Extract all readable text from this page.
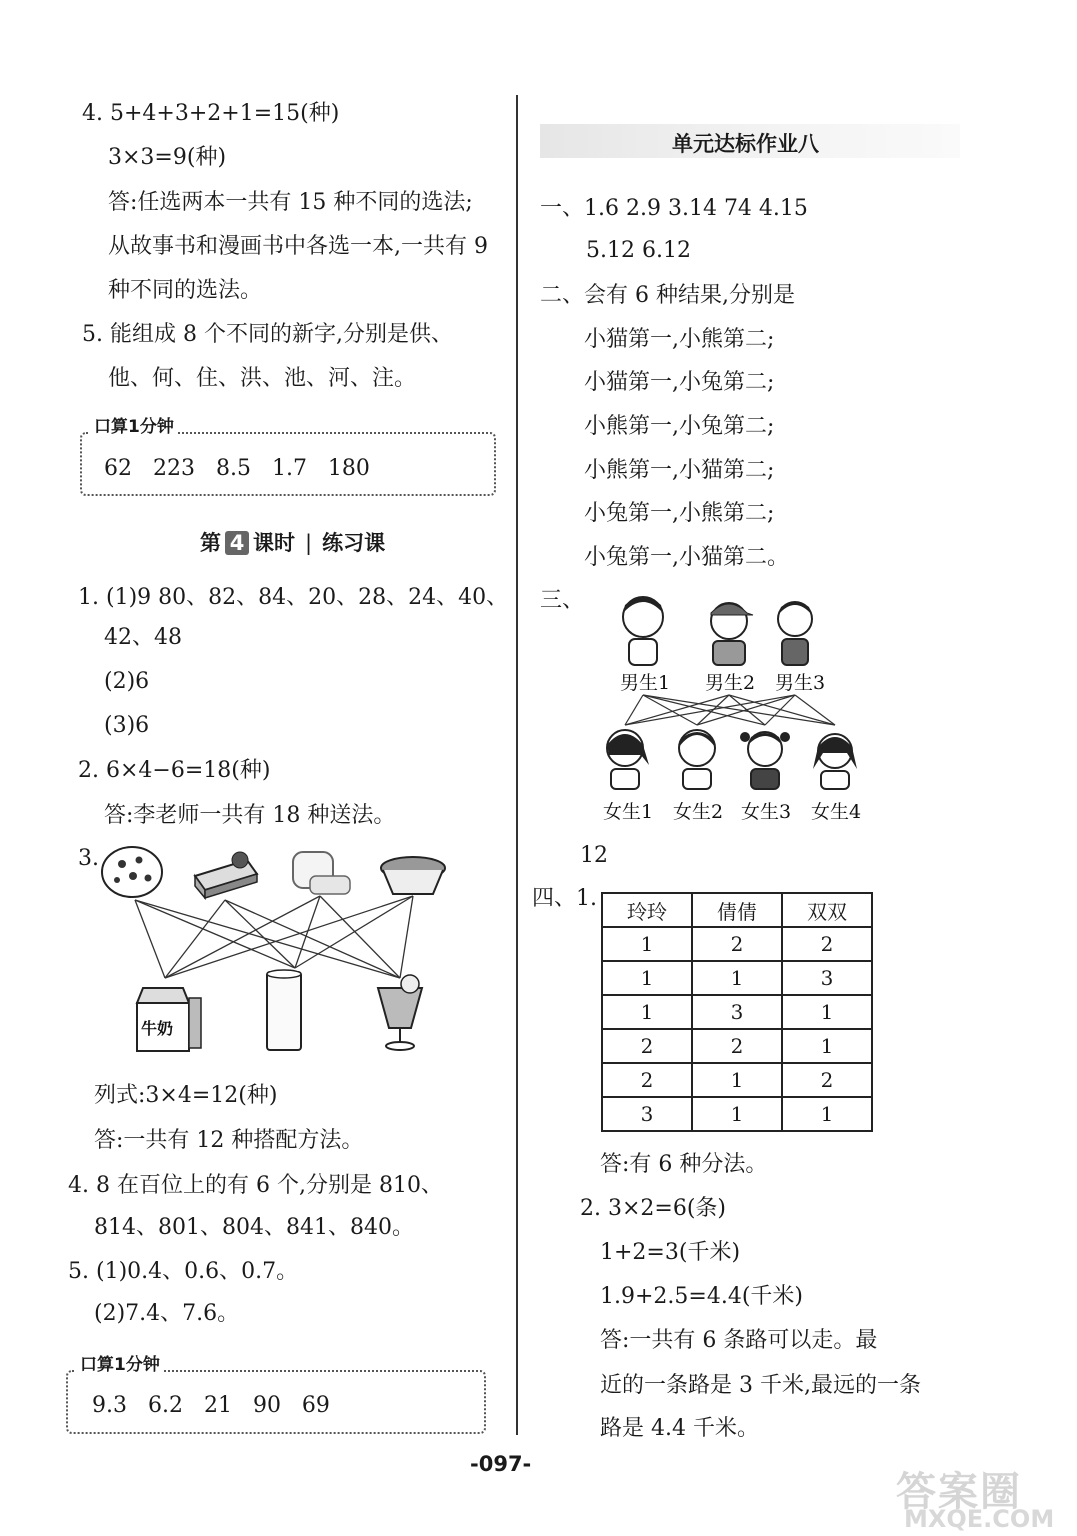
4. 5+4+3+2+1=15(种)
3×3=9(种)
答:任选两本一共有 15 种不同的选法;
从故事书和漫画书中各选一本,一共有 9
种不同的选法。
5. 能组成 8 个不同的新字,分别是供、
他、何、住、洪、池、河、注。
口算1分钟
62 223 8.5 1.7 180
第 4 课时 | 练习课
1. (1)9 80、82、84、20、28、24、40、
42、48
(2)6
(3)6
2. 6×4−6=18(种)
答:李老师一共有 18 种送法。
3.
牛奶
列式:3×4=12(种)
答:一共有 12 种搭配方法。
4. 8 在百位上的有 6 个,分别是 810、
814、801、804、841、840。
5. (1)0.4、0.6、0.7。
(2)7.4、7.6。
口算1分钟
9.3 6.2 21 90 69
单元达标作业八
一、1.6 2.9 3.14 74 4.15
5.12 6.12
二、会有 6 种结果,分别是
小猫第一,小熊第二;
小猫第一,小兔第二;
小熊第一,小兔第二;
小熊第一,小猫第二;
小兔第一,小熊第二;
小兔第一,小猫第二。
三、
男生1 男生2 男生3
女生1 女生2 女生3 女生4
12
四、1.
玲玲	倩倩	双双
1	2	2
1	1	3
1	3	1
2	2	1
2	1	2
3	1	1
答:有 6 种分法。
2. 3×2=6(条)
1+2=3(千米)
1.9+2.5=4.4(千米)
答:一共有 6 条路可以走。最
近的一条路是 3 千米,最远的一条
路是 4.4 千米。
-097-
答案圈
MXQE.COM
